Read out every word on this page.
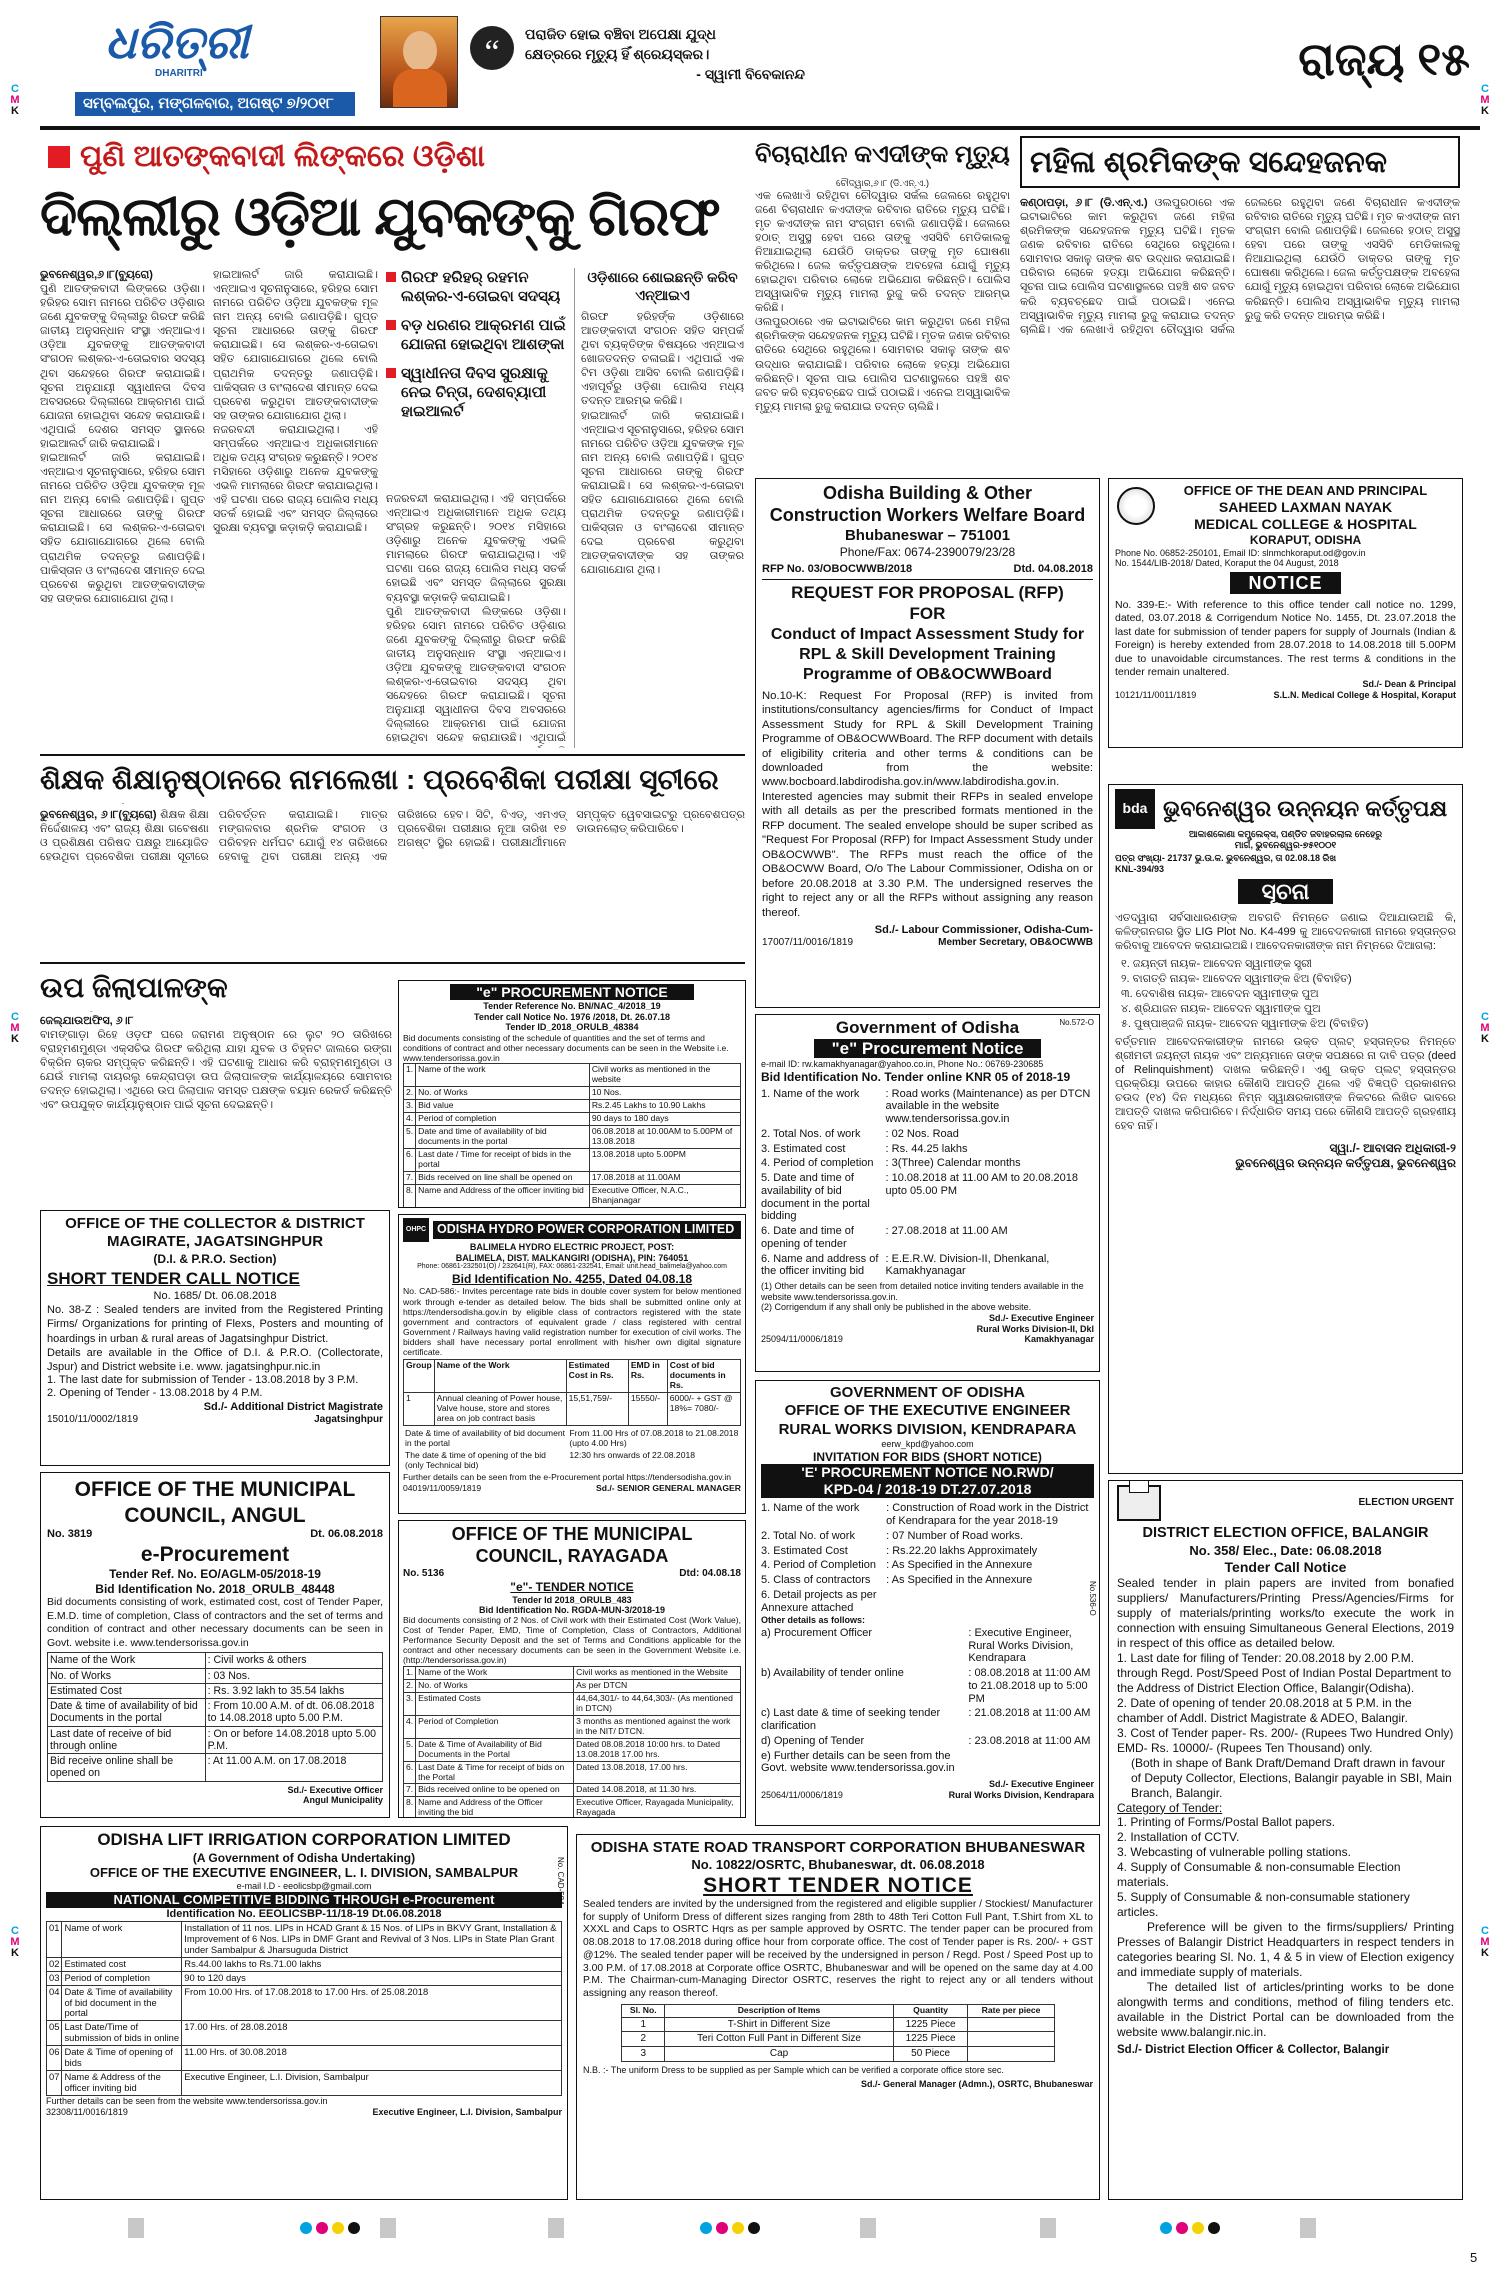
ଧରିତ୍ରୀ
DHARITRI
ସମ୍ବଲପୁର, ମଙ୍ଗଳବାର, ଅଗଷ୍ଟ ୭/୨୦୧୮
“	ପରାଜିତ ହୋଇ ବଞ୍ଚିବା ଅପେକ୍ଷା ଯୁଦ୍ଧ
କ୍ଷେତ୍ରରେ ମୃତ୍ୟୁ ହିଁ ଶ୍ରେୟସ୍କର।
- ସ୍ୱାମୀ ବିବେକାନନ୍ଦ	ରାଜ୍ୟ ୧୫
C
M
K
C
M
K
C
M
K
C
M
K
C
M
K
C
M
K
ପୁଣି ଆତଙ୍କବାଦୀ ଲିଙ୍କରେ ଓଡ଼ିଶା
ଦିଲ୍ଲୀରୁ ଓଡ଼ିଆ ଯୁବକଙ୍କୁ ଗିରଫ
ଭୁବନେଶ୍ୱର,୬।୮(ବ୍ୟୁରୋ)
ପୁଣି ଆତଙ୍କବାଦୀ ଲିଙ୍କରେ ଓଡ଼ିଶା। ହରିହର ସୋମ ନାମରେ ପରିଚିତ ଓଡ଼ିଶାର ଜଣେ ଯୁବକଙ୍କୁ ଦିଲ୍ଲୀରୁ ଗିରଫ କରିଛି ଜାତୀୟ ଅନୁସନ୍ଧାନ ସଂସ୍ଥା ଏନ୍‌ଆଇଏ। ଓଡ଼ିଆ ଯୁବକଙ୍କୁ ଆତଙ୍କବାଦୀ ସଂଗଠନ ଲଶ୍କର-ଏ-ତୋଇବାର ସଦସ୍ୟ ଥିବା ସନ୍ଦେହରେ ଗିରଫ କରାଯାଇଛି। ସୂଚନା ଅନୁଯାୟୀ ସ୍ୱାଧୀନତା ଦିବସ ଅବସରରେ ଦିଲ୍ଲୀରେ ଆକ୍ରମଣ ପାଇଁ ଯୋଜନା ହୋଇଥିବା ସନ୍ଦେହ କରାଯାଉଛି। ଏଥିପାଇଁ ଦେଶର ସମସ୍ତ ସ୍ଥାନରେ ହାଇଆଲର୍ଟ ଜାରି କରାଯାଇଛି।
ହାଇଆଲର୍ଟ ଜାରି କରାଯାଇଛି। ଏନ୍‌ଆଇଏ ସୂଚନାନୁସାରେ, ହରିହର ସୋମ ନାମରେ ପରିଚିତ ଓଡ଼ିଆ ଯୁବକଙ୍କ ମୂଳ ନାମ ଅନ୍ୟ ବୋଲି ଜଣାପଡ଼ିଛି। ଗୁପ୍ତ ସୂଚନା ଆଧାରରେ ତାଙ୍କୁ ଗିରଫ କରାଯାଇଛି। ସେ ଲଶ୍କର-ଏ-ତୋଇବା ସହିତ ଯୋଗାଯୋଗରେ ଥିଲେ ବୋଲି ପ୍ରାଥମିକ ତଦନ୍ତରୁ ଜଣାପଡ଼ିଛି। ପାକିସ୍ତାନ ଓ ବାଂଲାଦେଶ ସୀମାନ୍ତ ଦେଇ ପ୍ରବେଶ କରୁଥିବା ଆତଙ୍କବାଦୀଙ୍କ ସହ ତାଙ୍କର ଯୋଗାଯୋଗ ଥିଲା।
ହାଇଆଲର୍ଟ ଜାରି କରାଯାଇଛି। ଏନ୍‌ଆଇଏ ସୂଚନାନୁସାରେ, ହରିହର ସୋମ ନାମରେ ପରିଚିତ ଓଡ଼ିଆ ଯୁବକଙ୍କ ମୂଳ ନାମ ଅନ୍ୟ ବୋଲି ଜଣାପଡ଼ିଛି। ଗୁପ୍ତ ସୂଚନା ଆଧାରରେ ତାଙ୍କୁ ଗିରଫ କରାଯାଇଛି। ସେ ଲଶ୍କର-ଏ-ତୋଇବା ସହିତ ଯୋଗାଯୋଗରେ ଥିଲେ ବୋଲି ପ୍ରାଥମିକ ତଦନ୍ତରୁ ଜଣାପଡ଼ିଛି। ପାକିସ୍ତାନ ଓ ବାଂଲାଦେଶ ସୀମାନ୍ତ ଦେଇ ପ୍ରବେଶ କରୁଥିବା ଆତଙ୍କବାଦୀଙ୍କ ସହ ତାଙ୍କର ଯୋଗାଯୋଗ ଥିଲା।
ନଜରବନ୍ଦୀ କରାଯାଇଥିଲା। ଏହି ସମ୍ପର୍କରେ ଏନ୍‌ଆଇଏ ଅଧିକାରୀମାନେ ଅଧିକ ତଥ୍ୟ ସଂଗ୍ରହ କରୁଛନ୍ତି। ୨୦୧୪ ମସିହାରେ ଓଡ଼ିଶାରୁ ଅନେକ ଯୁବକଙ୍କୁ ଏଭଳି ମାମଲାରେ ଗିରଫ କରାଯାଇଥିଲା। ଏହି ଘଟଣା ପରେ ରାଜ୍ୟ ପୋଲିସ ମଧ୍ୟ ସତର୍କ ହୋଇଛି ଏବଂ ସମସ୍ତ ଜିଲ୍ଲାରେ ସୁରକ୍ଷା ବ୍ୟବସ୍ଥା କଡ଼ାକଡ଼ି କରାଯାଇଛି।
ଗିରଫ ହରିହର୍ ରହମନ ଲଶ୍କର-ଏ-ତୋଇବା ସଦସ୍ୟ
ବଡ଼ ଧରଣର ଆକ୍ରମଣ ପାଇଁ ଯୋଜନା ହୋଇଥିବା ଆଶଙ୍କା
ସ୍ୱାଧୀନତା ଦିବସ ସୁରକ୍ଷାକୁ ନେଇ ଚିନ୍ତା, ଦେଶବ୍ୟାପୀ ହାଇଆଲର୍ଟ
ନଜରବନ୍ଦୀ କରାଯାଇଥିଲା। ଏହି ସମ୍ପର୍କରେ ଏନ୍‌ଆଇଏ ଅଧିକାରୀମାନେ ଅଧିକ ତଥ୍ୟ ସଂଗ୍ରହ କରୁଛନ୍ତି। ୨୦୧୪ ମସିହାରେ ଓଡ଼ିଶାରୁ ଅନେକ ଯୁବକଙ୍କୁ ଏଭଳି ମାମଲାରେ ଗିରଫ କରାଯାଇଥିଲା। ଏହି ଘଟଣା ପରେ ରାଜ୍ୟ ପୋଲିସ ମଧ୍ୟ ସତର୍କ ହୋଇଛି ଏବଂ ସମସ୍ତ ଜିଲ୍ଲାରେ ସୁରକ୍ଷା ବ୍ୟବସ୍ଥା କଡ଼ାକଡ଼ି କରାଯାଇଛି।
ପୁଣି ଆତଙ୍କବାଦୀ ଲିଙ୍କରେ ଓଡ଼ିଶା। ହରିହର ସୋମ ନାମରେ ପରିଚିତ ଓଡ଼ିଶାର ଜଣେ ଯୁବକଙ୍କୁ ଦିଲ୍ଲୀରୁ ଗିରଫ କରିଛି ଜାତୀୟ ଅନୁସନ୍ଧାନ ସଂସ୍ଥା ଏନ୍‌ଆଇଏ। ଓଡ଼ିଆ ଯୁବକଙ୍କୁ ଆତଙ୍କବାଦୀ ସଂଗଠନ ଲଶ୍କର-ଏ-ତୋଇବାର ସଦସ୍ୟ ଥିବା ସନ୍ଦେହରେ ଗିରଫ କରାଯାଇଛି। ସୂଚନା ଅନୁଯାୟୀ ସ୍ୱାଧୀନତା ଦିବସ ଅବସରରେ ଦିଲ୍ଲୀରେ ଆକ୍ରମଣ ପାଇଁ ଯୋଜନା ହୋଇଥିବା ସନ୍ଦେହ କରାଯାଉଛି। ଏଥିପାଇଁ
ଓଡ଼ିଶାରେ ଶୋଇଛନ୍ତି କରିବ ଏନ୍‌ଆଇଏ
ଗିରଫ ହରିହର୍ଙ୍କ ଓଡ଼ିଶାରେ ଆତଙ୍କବାଦୀ ସଂଗଠନ ସହିତ ସମ୍ପର୍କ ଥିବା ବ୍ୟକ୍ତିଙ୍କ ବିଷୟରେ ଏନ୍‌ଆଇଏ ଖୋଜତଦନ୍ତ ଚଳାଇଛି। ଏଥିପାଇଁ ଏକ ଟିମ ଓଡ଼ିଶା ଆସିବ ବୋଲି ଜଣାପଡ଼ିଛି। ଏହାପୂର୍ବରୁ ଓଡ଼ିଶା ପୋଲିସ ମଧ୍ୟ ତଦନ୍ତ ଆରମ୍ଭ କରିଛି।
ହାଇଆଲର୍ଟ ଜାରି କରାଯାଇଛି। ଏନ୍‌ଆଇଏ ସୂଚନାନୁସାରେ, ହରିହର ସୋମ ନାମରେ ପରିଚିତ ଓଡ଼ିଆ ଯୁବକଙ୍କ ମୂଳ ନାମ ଅନ୍ୟ ବୋଲି ଜଣାପଡ଼ିଛି। ଗୁପ୍ତ ସୂଚନା ଆଧାରରେ ତାଙ୍କୁ ଗିରଫ କରାଯାଇଛି। ସେ ଲଶ୍କର-ଏ-ତୋଇବା ସହିତ ଯୋଗାଯୋଗରେ ଥିଲେ ବୋଲି ପ୍ରାଥମିକ ତଦନ୍ତରୁ ଜଣାପଡ଼ିଛି। ପାକିସ୍ତାନ ଓ ବାଂଲାଦେଶ ସୀମାନ୍ତ ଦେଇ ପ୍ରବେଶ କରୁଥିବା ଆତଙ୍କବାଦୀଙ୍କ ସହ ତାଙ୍କର ଯୋଗାଯୋଗ ଥିଲା।
ଶିକ୍ଷକ ଶିକ୍ଷାନୁଷ୍ଠାନରେ ନାମଲେଖା : ପ୍ରବେଶିକା ପରୀକ୍ଷା ସୂଚୀରେ
ଭୁବନେଶ୍ୱର, ୬।୮(ବ୍ୟୁରୋ) ଶିକ୍ଷକ ଶିକ୍ଷା ନିର୍ଦ୍ଦେଶାଳୟ ଏବଂ ରାଜ୍ୟ ଶିକ୍ଷା ଗବେଷଣା ଓ ପ୍ରଶିକ୍ଷଣ ପରିଷଦ ପକ୍ଷରୁ ଆୟୋଜିତ ହେଉଥିବା ପ୍ରବେଶିକା ପରୀକ୍ଷା ସୂଚୀରେ ପରିବର୍ତ୍ତନ କରାଯାଇଛି। ମାତ୍ର ମଙ୍ଗଳବାର ଶ୍ରମିକ ସଂଗଠନ ଓ ପରିବହନ ଧର୍ମଘଟ ଯୋଗୁଁ ୧୪ ତାରିଖରେ ହେବାକୁ ଥିବା ପରୀକ୍ଷା ଅନ୍ୟ ଏକ ତାରିଖରେ ହେବ। ସିଟି, ବିଏଡ୍, ଏମଏଡ୍ ପ୍ରବେଶିକା ପରୀକ୍ଷାର ନୂଆ ତାରିଖ ୧୭ ଅଗଷ୍ଟ ସ୍ଥିର ହୋଇଛି। ପରୀକ୍ଷାର୍ଥୀମାନେ ସମ୍ପୃକ୍ତ ୱେବସାଇଟରୁ ପ୍ରବେଶପତ୍ର ଡାଉନଲୋଡ୍ କରିପାରିବେ।
ଉପ ଜିଲାପାଳଙ୍କ
ଜେଲ୍‌ଯାଉଅଫିସ, ୬।୮
ବାମଙ୍ଗାଡ଼ା ରିହେ ଓଡ଼ଫ ଘରେ ଜରାମଣ ଅନୁଷ୍ଠାନ ରେ ଲୁଟ ୨୦ ତାରିଖରେ ବ୍ରାହ୍ମଣମୁଣ୍ଡା ଏକ୍ସଚିଭ ଗିରଫ କରିଥିଲା ଯାହା ଯୁବକ ଓ ଚିହ୍ନଟ ଜାଲରେ ରଙ୍ଗା ବିକ୍ରିନ ଚାକର ସମ୍ପୃକ୍ତ କରିଛନ୍ତି। ଏହି ଘଟଣାକୁ ଆଧାର କରି ବ୍ରାହ୍ମଣମୁଣ୍ଡା ଓ ଯେଉଁ ମାମଲା ଦାୟରଲୁ କେନ୍ଦ୍ରାପଡ଼ା ଉପ ଜିଲାପାଳଙ୍କ କାର୍ଯ୍ୟାଳୟରେ ସୋମବାର ତଦନ୍ତ ହୋଇଥିଲା। ଏଥିରେ ଉପ ଜିଲାପାଳ ସମସ୍ତ ପକ୍ଷଙ୍କ ବୟାନ ରେକର୍ଡ କରିଛନ୍ତି ଏବଂ ଉପଯୁକ୍ତ କାର୍ଯ୍ୟାନୁଷ୍ଠାନ ପାଇଁ ସୂଚନା ଦେଇଛନ୍ତି।
ବିଚାରାଧୀନ କଏଦୀଙ୍କ ମୃତ୍ୟୁ
ଚୌଦ୍ୱାର,୬।୮ (ଡି.ଏନ୍.ଏ.)
ଏକ ଲେଖାଏଁ ରହିଥିବା ଚୌଦ୍ୱାର ସର୍କଲ ଜେଲରେ ରହୁଥିବା ଜଣେ ବିଚାରାଧୀନ କଏଦୀଙ୍କ ରବିବାର ରାତିରେ ମୃତ୍ୟୁ ଘଟିଛି। ମୃତ କଏଦୀଙ୍କ ନାମ ସଂଗ୍ରାମ ବୋଲି ଜଣାପଡ଼ିଛି। ଜେଲରେ ହଠାତ୍ ଅସୁସ୍ଥ ହେବା ପରେ ତାଙ୍କୁ ଏସସିବି ମେଡିକାଲକୁ ନିଆଯାଇଥିଲା ଯେଉଁଠି ଡାକ୍ତର ତାଙ୍କୁ ମୃତ ଘୋଷଣା କରିଥିଲେ। ଜେଲ କର୍ତ୍ତୃପକ୍ଷଙ୍କ ଅବହେଳା ଯୋଗୁଁ ମୃତ୍ୟୁ ହୋଇଥିବା ପରିବାର ଲୋକେ ଅଭିଯୋଗ କରିଛନ୍ତି। ପୋଲିସ ଅସ୍ୱାଭାବିକ ମୃତ୍ୟୁ ମାମଲା ରୁଜୁ କରି ତଦନ୍ତ ଆରମ୍ଭ କରିଛି।
ଓଲପୁରଠାରେ ଏକ ଇଟାଭାଟିରେ କାମ କରୁଥିବା ଜଣେ ମହିଳା ଶ୍ରମିକଙ୍କ ସନ୍ଦେହଜନକ ମୃତ୍ୟୁ ଘଟିଛି। ମୃତକ ଜଣକ ରବିବାର ରାତିରେ ସେଥିରେ ରହୁଥିଲେ। ସୋମବାର ସକାଳୁ ତାଙ୍କ ଶବ ଉଦ୍ଧାର କରାଯାଇଛି। ପରିବାର ଲୋକେ ହତ୍ୟା ଅଭିଯୋଗ କରିଛନ୍ତି। ସୂଚନା ପାଇ ପୋଲିସ ଘଟଣାସ୍ଥଳରେ ପହଞ୍ଚି ଶବ ଜବତ କରି ବ୍ୟବଚ୍ଛେଦ ପାଇଁ ପଠାଇଛି। ଏନେଇ ଅସ୍ୱାଭାବିକ ମୃତ୍ୟୁ ମାମଲା ରୁଜୁ କରାଯାଇ ତଦନ୍ତ ଚାଲିଛି।
ମହିଳା ଶ୍ରମିକଙ୍କ ସନ୍ଦେହଜନକ
କଣ୍ଠାପଡ଼ା, ୬।୮ (ଡି.ଏନ୍.ଏ.) ଓଲପୁରଠାରେ ଏକ ଇଟାଭାଟିରେ କାମ କରୁଥିବା ଜଣେ ମହିଳା ଶ୍ରମିକଙ୍କ ସନ୍ଦେହଜନକ ମୃତ୍ୟୁ ଘଟିଛି। ମୃତକ ଜଣକ ରବିବାର ରାତିରେ ସେଥିରେ ରହୁଥିଲେ। ସୋମବାର ସକାଳୁ ତାଙ୍କ ଶବ ଉଦ୍ଧାର କରାଯାଇଛି। ପରିବାର ଲୋକେ ହତ୍ୟା ଅଭିଯୋଗ କରିଛନ୍ତି। ସୂଚନା ପାଇ ପୋଲିସ ଘଟଣାସ୍ଥଳରେ ପହଞ୍ଚି ଶବ ଜବତ କରି ବ୍ୟବଚ୍ଛେଦ ପାଇଁ ପଠାଇଛି। ଏନେଇ ଅସ୍ୱାଭାବିକ ମୃତ୍ୟୁ ମାମଲା ରୁଜୁ କରାଯାଇ ତଦନ୍ତ ଚାଲିଛି। ଏକ ଲେଖାଏଁ ରହିଥିବା ଚୌଦ୍ୱାର ସର୍କଲ ଜେଲରେ ରହୁଥିବା ଜଣେ ବିଚାରାଧୀନ କଏଦୀଙ୍କ ରବିବାର ରାତିରେ ମୃତ୍ୟୁ ଘଟିଛି। ମୃତ କଏଦୀଙ୍କ ନାମ ସଂଗ୍ରାମ ବୋଲି ଜଣାପଡ଼ିଛି। ଜେଲରେ ହଠାତ୍ ଅସୁସ୍ଥ ହେବା ପରେ ତାଙ୍କୁ ଏସସିବି ମେଡିକାଲକୁ ନିଆଯାଇଥିଲା ଯେଉଁଠି ଡାକ୍ତର ତାଙ୍କୁ ମୃତ ଘୋଷଣା କରିଥିଲେ। ଜେଲ କର୍ତ୍ତୃପକ୍ଷଙ୍କ ଅବହେଳା ଯୋଗୁଁ ମୃତ୍ୟୁ ହୋଇଥିବା ପରିବାର ଲୋକେ ଅଭିଯୋଗ କରିଛନ୍ତି। ପୋଲିସ ଅସ୍ୱାଭାବିକ ମୃତ୍ୟୁ ମାମଲା ରୁଜୁ କରି ତଦନ୍ତ ଆରମ୍ଭ କରିଛି।
Odisha Building & Other
Construction Workers Welfare Board
Bhubaneswar – 751001
Phone/Fax: 0674-2390079/23/28
RFP No. 03/OBOCWWB/2018	Dtd. 04.08.2018
REQUEST FOR PROPOSAL (RFP)
FOR
Conduct of Impact Assessment Study for RPL & Skill Development Training Programme of OB&OCWWBoard
No.10-K: Request For Proposal (RFP) is invited from institutions/consultancy agencies/firms for Conduct of Impact Assessment Study for RPL & Skill Development Training Programme of OB&OCWWBoard. The RFP document with details of eligibility criteria and other terms & conditions can be downloaded from the website: www.bocboard.labdirodisha.gov.in/www.labdirodisha.gov.in. Interested agencies may submit their RFPs in sealed envelope with all details as per the prescribed formats mentioned in the RFP document. The sealed envelope should be super scribed as "Request For Proposal (RFP) for Impact Assessment Study under OB&OCWWB". The RFPs must reach the office of the OB&OCWW Board, O/o The Labour Commissioner, Odisha on or before 20.08.2018 at 3.30 P.M. The undersigned reserves the right to reject any or all the RFPs without assigning any reason thereof.
Sd./- Labour Commissioner, Odisha-Cum-
17007/11/0016/1819	Member Secretary, OB&OCWWB
OFFICE OF THE DEAN AND PRINCIPAL
SAHEED LAXMAN NAYAK
MEDICAL COLLEGE & HOSPITAL
KORAPUT, ODISHA
Phone No. 06852-250101, Email ID: slnmchkoraput.od@gov.in
No. 1544/LIB-2018/ Dated, Koraput the 04 August, 2018
NOTICE
No. 339-E:- With reference to this office tender call notice no. 1299, dated, 03.07.2018 & Corrigendum Notice No. 1455, Dt. 23.07.2018 the last date for submission of tender papers for supply of Journals (Indian & Foreign) is hereby extended from 28.07.2018 to 14.08.2018 till 5.00PM due to unavoidable circumstances. The rest terms & conditions in the tender remain unaltered.
Sd./- Dean & Principal
10121/11/0011/1819	S.L.N. Medical College & Hospital, Koraput
bda ଭୁବନେଶ୍ୱର ଉନ୍ନୟନ କର୍ତ୍ତୃପକ୍ଷ
ଆକାଶକୋଣା କମ୍ପ୍ଲେକ୍ସ, ପଣ୍ଡିତ ଜବାହରଲାଲ ନେହେରୁ
ମାର୍ଗ, ଭୁବନେଶ୍ୱର-୭୫୧୦୦୧
ପତ୍ର ସଂଖ୍ୟା- 21737 ଭୁ.ଉ.କ. ଭୁବନେଶ୍ୱର, ତା 02.08.18 ରିଖ
KNL-394/93
ସୂଚନା
ଏତଦ୍ୱାରା ସର୍ବସାଧାରଣଙ୍କ ଅବଗତି ନିମନ୍ତେ ଜଣାଇ ଦିଆଯାଉଅଛି କି, କଳିଙ୍ଗନଗର ସ୍ଥିତ LIG Plot No. K4-499 କୁ ଆବେଦନକାରୀ ନାମରେ ହସ୍ତାନ୍ତର କରିବାକୁ ଆବେଦନ କରାଯାଇଅଛି। ଆବେଦନକାରୀଙ୍କ ନାମ ନିମ୍ନରେ ଦିଆଗଲା:
୧. ଜୟନ୍ତୀ ନାୟକ- ଆବେଦନ ସ୍ୱାମୀଙ୍କ ସ୍ତ୍ରୀ
୨. ବାଗତ୍ତି ନାୟକ- ଆବେଦନ ସ୍ୱାମୀଙ୍କ ଝିଅ (ବିବାହିତ)
୩. ଦେବାଶିଷ ନାୟକ- ଆବେଦନ ସ୍ୱାମୀଙ୍କ ପୁଅ
୪. ଶ୍ରିଯାଜନ ନାୟକ- ଆବେଦନ ସ୍ୱାମୀଙ୍କ ପୁଅ
୫. ପୁଷ୍ପାଞ୍ଜଳି ନାୟକ- ଆବେଦନ ସ୍ୱାମୀଙ୍କ ଝିଅ (ବିବାହିତ)
ବର୍ତ୍ତମାନ ଆବେଦନକାରୀଙ୍କ ନାମରେ ଉକ୍ତ ପ୍ଲଟ୍ ହସ୍ତାନ୍ତର ନିମନ୍ତେ ଶ୍ରୀମତୀ ଜୟନ୍ତୀ ନାୟକ ଏବଂ ଅନ୍ୟମାନେ ତାଙ୍କ ସପକ୍ଷରେ ନା ଦାବି ପତ୍ର (deed of Relinquishment) ଦାଖଲ କରିଛନ୍ତି। ଏଣୁ ଉକ୍ତ ପ୍ଲଟ୍ ହସ୍ତାନ୍ତର ପ୍ରକ୍ରିୟା ଉପରେ କାହାର କୌଣସି ଆପତ୍ତି ଥିଲେ ଏହି ବିଜ୍ଞପ୍ତି ପ୍ରକାଶନର ଚଉଦ (୧୪) ଦିନ ମଧ୍ୟରେ ନିମ୍ନ ସ୍ୱାକ୍ଷରକାରୀଙ୍କ ନିକଟରେ ଲିଖିତ ଭାବରେ ଆପତ୍ତି ଦାଖଲ କରିପାରିବେ। ନିର୍ଦ୍ଧାରିତ ସମୟ ପରେ କୌଣସି ଆପତ୍ତି ଗ୍ରହଣୀୟ ହେବ ନାହିଁ।
ସ୍ୱା./- ଆବାସନ ଅଧିକାରୀ-୨
ଭୁବନେଶ୍ୱର ଉନ୍ନୟନ କର୍ତ୍ତୃପକ୍ଷ, ଭୁବନେଶ୍ୱର
"e" PROCUREMENT NOTICE
Tender Reference No. BN/NAC_4/2018_19
Tender call Notice No. 1976 /2018, Dt. 26.07.18
Tender ID_2018_ORULB_48384
Bid documents consisting of the schedule of quantities and the set of terms and conditions of contract and other necessary documents can be seen in the Website i.e. www.tendersorissa.gov.in
1.	Name of the work	Civil works as mentioned in the website
2.	No. of Works	10 Nos.
3.	Bid value	Rs.2.45 Lakhs to 10.90 Lakhs
4.	Period of completion	90 days to 180 days
5.	Date and time of availability of bid documents in the portal	06.08.2018 at 10.00AM to 5.00PM of 13.08.2018
6.	Last date / Time for receipt of bids in the portal	13.08.2018 upto 5.00PM
7.	Bids received on line shall be opened on	17.08.2018 at 11.00AM
8.	Name and Address of the officer inviting bid	Executive Officer, N.A.C., Bhanjanagar
OHPC ODISHA HYDRO POWER CORPORATION LIMITED
BALIMELA HYDRO ELECTRIC PROJECT, POST:
BALIMELA, DIST. MALKANGIRI (ODISHA), PIN: 764051
Phone: 06861-232501(O) / 232641(R), FAX: 06861-232541, Email: unit.head_balimela@yahoo.com
Bid Identification No. 4255, Dated 04.08.18
No. CAD-586:- Invites percentage rate bids in double cover system for below mentioned work through e-tender as detailed below. The bids shall be submitted online only at https://tendersodisha.gov.in by eligible class of contractors registered with the state government and contractors of equivalent grade / class registered with central Government / Railways having valid registration number for execution of civil works. The bidders shall have necessary portal enrollment with his/her own digital signature certificate.
Group	Name of the Work	Estimated Cost in Rs.	EMD in Rs.	Cost of bid documents in Rs.
1	Annual cleaning of Power house, Valve house, store and stores area on job contract basis	15,51,759/-	15550/-	6000/- + GST @ 18%= 7080/-
Date & time of availability of bid document in the portal	From 11.00 Hrs of 07.08.2018 to 21.08.2018 (upto 4.00 Hrs)
The date & time of opening of the bid (only Technical bid)	12:30 hrs onwards of 22.08.2018
Further details can be seen from the e-Procurement portal https://tendersodisha.gov.in
04019/11/0059/1819	Sd./- SENIOR GENERAL MANAGER
Government of Odisha	No.572-O
"e" Procurement Notice
e-mail ID: rw.kamakhyanagar@yahoo.co.in, Phone No.: 06769-230685
Bid Identification No. Tender online KNR 05 of 2018-19
1. Name of the work	: Road works (Maintenance) as per DTCN available in the website www.tendersorissa.gov.in
2. Total Nos. of work	: 02 Nos. Road
3. Estimated cost	: Rs. 44.25 lakhs
4. Period of completion	: 3(Three) Calendar months
5. Date and time of availability of bid document in the portal bidding	: 10.08.2018 at 11.00 AM to 20.08.2018 upto 05.00 PM
6. Date and time of opening of tender	: 27.08.2018 at 11.00 AM
6. Name and address of the officer inviting bid	: E.E.R.W. Division-II, Dhenkanal, Kamakhyanagar
(1) Other details can be seen from detailed notice inviting tenders available in the website www.tendersorissa.gov.in.
(2) Corrigendum if any shall only be published in the above website.
Sd./- Executive Engineer
Rural Works Division-II, Dkl
25094/11/0006/1819	Kamakhyanagar
OFFICE OF THE COLLECTOR & DISTRICT
MAGIRATE, JAGATSINGHPUR
(D.I. & P.R.O. Section)
SHORT TENDER CALL NOTICE
No. 1685/ Dt. 06.08.2018
No. 38-Z : Sealed tenders are invited from the Registered Printing Firms/ Organizations for printing of Flexs, Posters and mounting of hoardings in urban & rural areas of Jagatsinghpur District.
Details are available in the Office of D.I. & P.R.O. (Collectorate, Jspur) and District website i.e. www. jagatsinghpur.nic.in
1. The last date for submission of Tender - 13.08.2018 by 3 P.M.
2. Opening of Tender - 13.08.2018 by 4 P.M.
Sd./- Additional District Magistrate
15010/11/0002/1819	Jagatsinghpur
OFFICE OF THE MUNICIPAL
COUNCIL, ANGUL
No. 3819	Dt. 06.08.2018
e-Procurement
Tender Ref. No. EO/AGLM-05/2018-19
Bid Identification No. 2018_ORULB_48448
Bid documents consisting of work, estimated cost, cost of Tender Paper, E.M.D. time of completion, Class of contractors and the set of terms and condition of contract and other necessary documents can be seen in Govt. website i.e. www.tendersorissa.gov.in
Name of the Work	: Civil works & others
No. of Works	: 03 Nos.
Estimated Cost	: Rs. 3.92 lakh to 35.54 lakhs
Date & time of availability of bid Documents in the portal	: From 10.00 A.M. of dt. 06.08.2018 to 14.08.2018 upto 5.00 P.M.
Last date of receive of bid through online	: On or before 14.08.2018 upto 5.00 P.M.
Bid receive online shall be opened on	: At 11.00 A.M. on 17.08.2018
Sd./- Executive Officer
Angul Municipality
OFFICE OF THE MUNICIPAL
COUNCIL, RAYAGADA
No. 5136	Dtd: 04.08.18
"e"- TENDER NOTICE
Tender Id 2018_ORULB_483
Bid Identification No. RGDA-MUN-3/2018-19
Bid documents consisting of 2 Nos. of Civil work with their Estimated Cost (Work Value), Cost of Tender Paper, EMD, Time of Completion, Class of Contractors, Additional Performance Security Deposit and the set of Terms and Conditions applicable for the contract and other necessary documents can be seen in the Government Website i.e. (http://tendersorissa.gov.in)
1.	Name of the Work	Civil works as mentioned in the Website
2.	No. of Works	As per DTCN
3.	Estimated Costs	44,64,301/- to 44,64,303/- (As mentioned in DTCN)
4.	Period of Completion	3 months as mentioned against the work in the NIT/ DTCN.
5.	Date & Time of Availability of Bid Documents in the Portal	Dated 08.08.2018 10:00 hrs. to Dated 13.08.2018 17.00 hrs.
6.	Last Date & Time for receipt of bids on the Portal	Dated 13.08.2018, 17.00 hrs.
7.	Bids received online to be opened on	Dated 14.08.2018, at 11.30 hrs.
8.	Name and Address of the Officer inviting the bid	Executive Officer, Rayagada Municipality, Rayagada
GOVERNMENT OF ODISHA
OFFICE OF THE EXECUTIVE ENGINEER
RURAL WORKS DIVISION, KENDRAPARA
eerw_kpd@yahoo.com
INVITATION FOR BIDS (SHORT NOTICE)
'E' PROCUREMENT NOTICE NO.RWD/
KPD-04 / 2018-19 DT.27.07.2018
1. Name of the work	: Construction of Road work in the District of Kendrapara for the year 2018-19
2. Total No. of work	: 07 Number of Road works.
3. Estimated Cost	: Rs.22.20 lakhs Approximately
4. Period of Completion	: As Specified in the Annexure
5. Class of contractors	: As Specified in the Annexure
6. Detail projects as per Annexure attached	
Other details as follows:
a) Procurement Officer	: Executive Engineer, Rural Works Division, Kendrapara
b) Availability of tender online	: 08.08.2018 at 11:00 AM to 21.08.2018 up to 5:00 PM
c) Last date & time of seeking tender clarification	: 21.08.2018 at 11:00 AM
d) Opening of Tender	: 23.08.2018 at 11:00 AM
e) Further details can be seen from the Govt. website www.tendersorissa.gov.in	
Sd./- Executive Engineer
25064/11/0006/1819	Rural Works Division, Kendrapara
No.536-O
ELECTION URGENT
DISTRICT ELECTION OFFICE, BALANGIR
No. 358/ Elec., Date: 06.08.2018
Tender Call Notice
Sealed tender in plain papers are invited from bonafied suppliers/ Manufacturers/Printing Press/Agencies/Firms for supply of materials/printing works/to execute the work in connection with ensuing Simultaneous General Elections, 2019 in respect of this office as detailed below.
1. Last date for filing of Tender: 20.08.2018 by 2.00 P.M. through Regd. Post/Speed Post of Indian Postal Department to the Address of District Election Office, Balangir(Odisha).
2. Date of opening of tender 20.08.2018 at 5 P.M. in the chamber of Addl. District Magistrate & ADEO, Balangir.
3. Cost of Tender paper- Rs. 200/- (Rupees Two Hundred Only) EMD- Rs. 10000/- (Rupees Ten Thousand) only.
(Both in shape of Bank Draft/Demand Draft drawn in favour of Deputy Collector, Elections, Balangir payable in SBI, Main Branch, Balangir.
Category of Tender:
1. Printing of Forms/Postal Ballot papers.
2. Installation of CCTV.
3. Webcasting of vulnerable polling stations.
4. Supply of Consumable & non-consumable Election materials.
5. Supply of Consumable & non-consumable stationery articles.
Preference will be given to the firms/suppliers/ Printing Presses of Balangir District Headquarters in respect tenders in categories bearing Sl. No. 1, 4 & 5 in view of Election exigency and immediate supply of materials.
The detailed list of articles/printing works to be done alongwith terms and conditions, method of filing tenders etc. available in the District Portal can be downloaded from the website www.balangir.nic.in.
Sd./- District Election Officer & Collector, Balangir
ODISHA LIFT IRRIGATION CORPORATION LIMITED
(A Government of Odisha Undertaking)
OFFICE OF THE EXECUTIVE ENGINEER, L. I. DIVISION, SAMBALPUR
e-mail I.D - eeolicsbp@gmail.com
NATIONAL COMPETITIVE BIDDING THROUGH e-Procurement
Identification No. EEOLICSBP-11/18-19 Dt.06.08.2018
01	Name of work	Installation of 11 nos. LIPs in HCAD Grant & 15 Nos. of LIPs in BKVY Grant, Installation & Improvement of 6 Nos. LIPs in DMF Grant and Revival of 3 Nos. LIPs in State Plan Grant under Sambalpur & Jharsuguda District
02	Estimated cost	Rs.44.00 lakhs to Rs.71.00 lakhs
03	Period of completion	90 to 120 days
04	Date & Time of availability of bid document in the portal	From 10.00 Hrs. of 17.08.2018 to 17.00 Hrs. of 25.08.2018
05	Last Date/Time of submission of bids in online	17.00 Hrs. of 28.08.2018
06	Date & Time of opening of bids	11.00 Hrs. of 30.08.2018
07	Name & Address of the officer inviting bid	Executive Engineer, L.I. Division, Sambalpur
Further details can be seen from the website www.tendersorissa.gov.in
32308/11/0016/1819	Executive Engineer, L.I. Division, Sambalpur
No. CAD-584
ODISHA STATE ROAD TRANSPORT CORPORATION BHUBANESWAR
No. 10822/OSRTC, Bhubaneswar, dt. 06.08.2018
SHORT TENDER NOTICE
Sealed tenders are invited by the undersigned from the registered and eligible supplier / Stockiest/ Manufacturer for supply of Uniform Dress of different sizes ranging from 28th to 48th Teri Cotton Full Pant, T.Shirt from XL to XXXL and Caps to OSRTC Hqrs as per sample approved by OSRTC. The tender paper can be procured from 08.08.2018 to 17.08.2018 during office hour from corporate office. The cost of Tender paper is Rs. 200/- + GST @12%. The sealed tender paper will be received by the undersigned in person / Regd. Post / Speed Post up to 3.00 P.M. of 17.08.2018 at Corporate office OSRTC, Bhubaneswar and will be opened on the same day at 4.00 P.M. The Chairman-cum-Managing Director OSRTC, reserves the right to reject any or all tenders without assigning any reason thereof.
Sl. No.	Description of Items	Quantity	Rate per piece
1	T-Shirt in Different Size	1225 Piece	
2	Teri Cotton Full Pant in Different Size	1225 Piece	
3	Cap	50 Piece	
N.B. :- The uniform Dress to be supplied as per Sample which can be verified a corporate office store sec.
Sd./- General Manager (Admn.), OSRTC, Bhubaneswar
5
